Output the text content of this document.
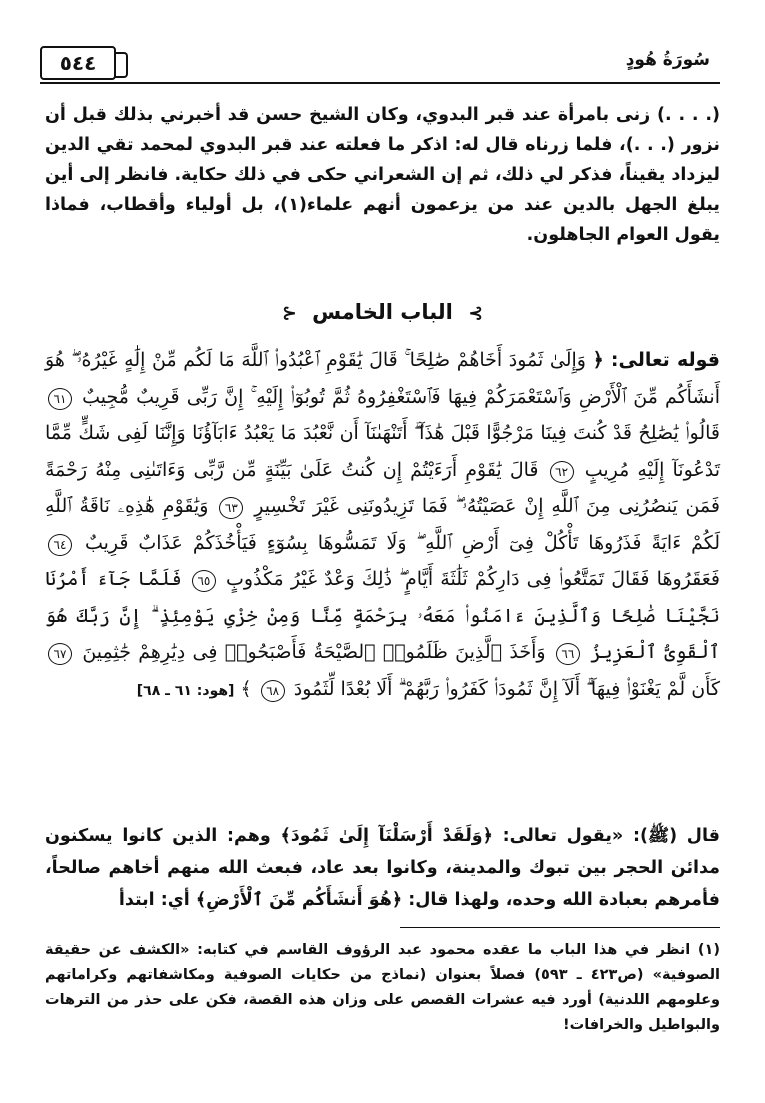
٥٤٤	سُورَةُ هُودٍ

(. . . .) زنى بامرأة عند قبر البدوي، وكان الشيخ حسن قد أخبرني بذلك قبل أن نزور (. . .)، فلما زرناه قال له: اذكر ما فعلته عند قبر البدوي لمحمد تقي الدين ليزداد يقيناً، فذكر لي ذلك، ثم إن الشعراني حكى في ذلك حكاية. فانظر إلى أين يبلغ الجهل بالدين عند من يزعمون أنهم علماء(١)، بل أولياء وأقطاب، فماذا يقول العوام الجاهلون.

⊱ الباب الخامس ⊰

قوله تعالى: ﴿ وَإِلَىٰ ثَمُودَ أَخَاهُمْ صَٰلِحًا ۚ قَالَ يَٰقَوْمِ ٱعْبُدُوا۟ ٱللَّهَ مَا لَكُم مِّنْ إِلَٰهٍ غَيْرُهُۥ ۖ هُوَ أَنشَأَكُم مِّنَ ٱلْأَرْضِ وَٱسْتَعْمَرَكُمْ فِيهَا فَٱسْتَغْفِرُوهُ ثُمَّ تُوبُوٓا۟ إِلَيْهِ ۚ إِنَّ رَبِّى قَرِيبٌ مُّجِيبٌ ٦١ قَالُوا۟ يَٰصَٰلِحُ قَدْ كُنتَ فِينَا مَرْجُوًّا قَبْلَ هَٰذَآ ۖ أَتَنْهَىٰنَآ أَن نَّعْبُدَ مَا يَعْبُدُ ءَابَآؤُنَا وَإِنَّنَا لَفِى شَكٍّ مِّمَّا تَدْعُونَآ إِلَيْهِ مُرِيبٍ ٦٢ قَالَ يَٰقَوْمِ أَرَءَيْتُمْ إِن كُنتُ عَلَىٰ بَيِّنَةٍ مِّن رَّبِّى وَءَاتَىٰنِى مِنْهُ رَحْمَةً فَمَن يَنصُرُنِى مِنَ ٱللَّهِ إِنْ عَصَيْتُهُۥ ۖ فَمَا تَزِيدُونَنِى غَيْرَ تَخْسِيرٍ ٦٣ وَيَٰقَوْمِ هَٰذِهِۦ نَاقَةُ ٱللَّهِ لَكُمْ ءَايَةً فَذَرُوهَا تَأْكُلْ فِىٓ أَرْضِ ٱللَّهِ ۖ وَلَا تَمَسُّوهَا بِسُوٓءٍ فَيَأْخُذَكُمْ عَذَابٌ قَرِيبٌ ٦٤ فَعَقَرُوهَا فَقَالَ تَمَتَّعُوا۟ فِى دَارِكُمْ ثَلَٰثَةَ أَيَّامٍ ۖ ذَٰلِكَ وَعْدٌ غَيْرُ مَكْذُوبٍ ٦٥ فَلَمَّا جَآءَ أَمْرُنَا نَجَّيْنَا صَٰلِحًا وَٱلَّذِينَ ءَامَنُوا۟ مَعَهُۥ بِرَحْمَةٍ مِّنَّا وَمِنْ خِزْىِ يَوْمِئِذٍ ۗ إِنَّ رَبَّكَ هُوَ ٱلْقَوِىُّ ٱلْعَزِيزُ ٦٦ وَأَخَذَ ٱلَّذِينَ ظَلَمُوا۟ ٱلصَّيْحَةُ فَأَصْبَحُوا۟ فِى دِيَٰرِهِمْ جَٰثِمِينَ ٦٧ كَأَن لَّمْ يَغْنَوْا۟ فِيهَآ ۗ أَلَآ إِنَّ ثَمُودَا۟ كَفَرُوا۟ رَبَّهُمْ ۗ أَلَا بُعْدًا لِّثَمُودَ ٦٨ ﴾ [هود: ٦١ ـ ٦٨]

قال (ﷺ): «يقول تعالى: ﴿وَلَقَدْ أَرْسَلْنَآ إِلَىٰ ثَمُودَ﴾ وهم: الذين كانوا يسكنون مدائن الحجر بين تبوك والمدينة، وكانوا بعد عاد، فبعث الله منهم أخاهم صالحاً، فأمرهم بعبادة الله وحده، ولهذا قال: ﴿هُوَ أَنشَأَكُم مِّنَ ٱلْأَرْضِ﴾ أي: ابتدأ

(١) انظر في هذا الباب ما عقده محمود عبد الرؤوف القاسم في كتابه: «الكشف عن حقيقة الصوفية» (ص٤٢٣ ـ ٥٩٣) فصلاً بعنوان (نماذج من حكايات الصوفية ومكاشفاتهم وكراماتهم وعلومهم اللدنية) أورد فيه عشرات القصص على وزان هذه القصة، فكن على حذر من الترهات والبواطيل والخرافات!
